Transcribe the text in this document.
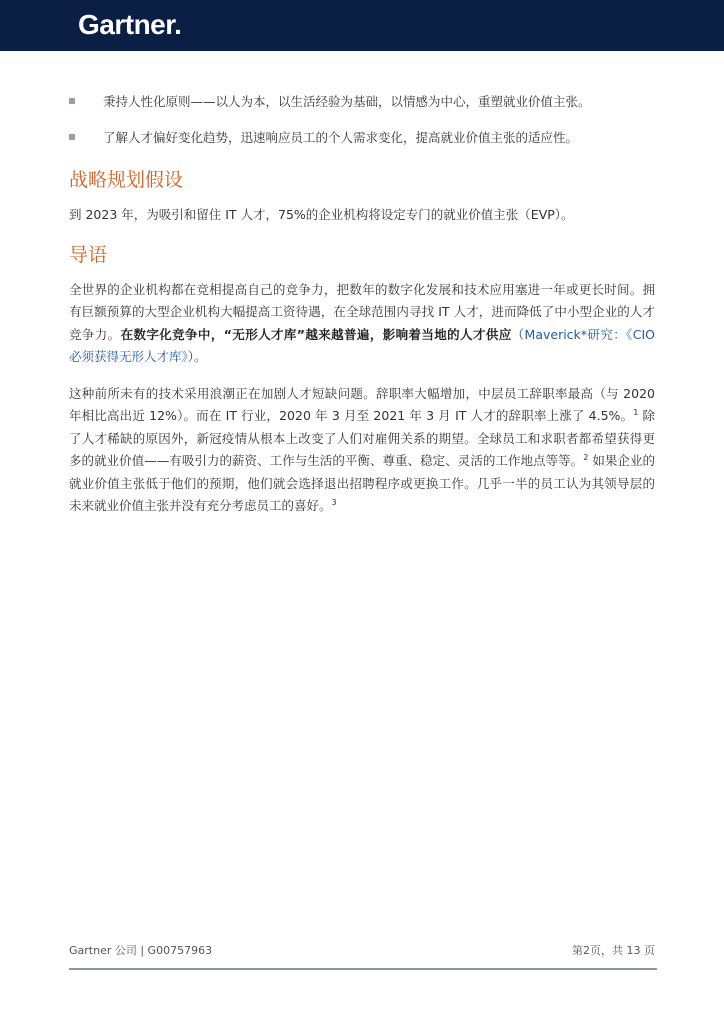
Gartner.
秉持人性化原则——以人为本，以生活经验为基础，以情感为中心，重塑就业价值主张。
了解人才偏好变化趋势，迅速响应员工的个人需求变化，提高就业价值主张的适应性。
战略规划假设

到 2023 年，为吸引和留住 IT 人才，75%的企业机构将设定专门的就业价值主张（EVP）。

导语

全世界的企业机构都在竞相提高自己的竞争力，把数年的数字化发展和技术应用塞进一年或更长时间。拥有巨额预算的大型企业机构大幅提高工资待遇，在全球范围内寻找 IT 人才，进而降低了中小型企业的人才竞争力。在数字化竞争中，“无形人才库”越来越普遍，影响着当地的人才供应（Maverick*研究：《CIO 必须获得无形人才库》）。

这种前所未有的技术采用浪潮正在加剧人才短缺问题。辞职率大幅增加，中层员工辞职率最高（与 2020 年相比高出近 12%）。而在 IT 行业，2020 年 3 月至 2021 年 3 月 IT 人才的辞职率上涨了 4.5%。$^1$ 除了人才稀缺的原因外，新冠疫情从根本上改变了人们对雇佣关系的期望。全球员工和求职者都希望获得更多的就业价值——有吸引力的薪资、工作与生活的平衡、尊重、稳定、灵活的工作地点等等。$^2$ 如果企业的就业价值主张低于他们的预期，他们就会选择退出招聘程序或更换工作。几乎一半的员工认为其领导层的未来就业价值主张并没有充分考虑员工的喜好。$^3$

Gartner 公司 | G00757963	第2页，共 13 页
